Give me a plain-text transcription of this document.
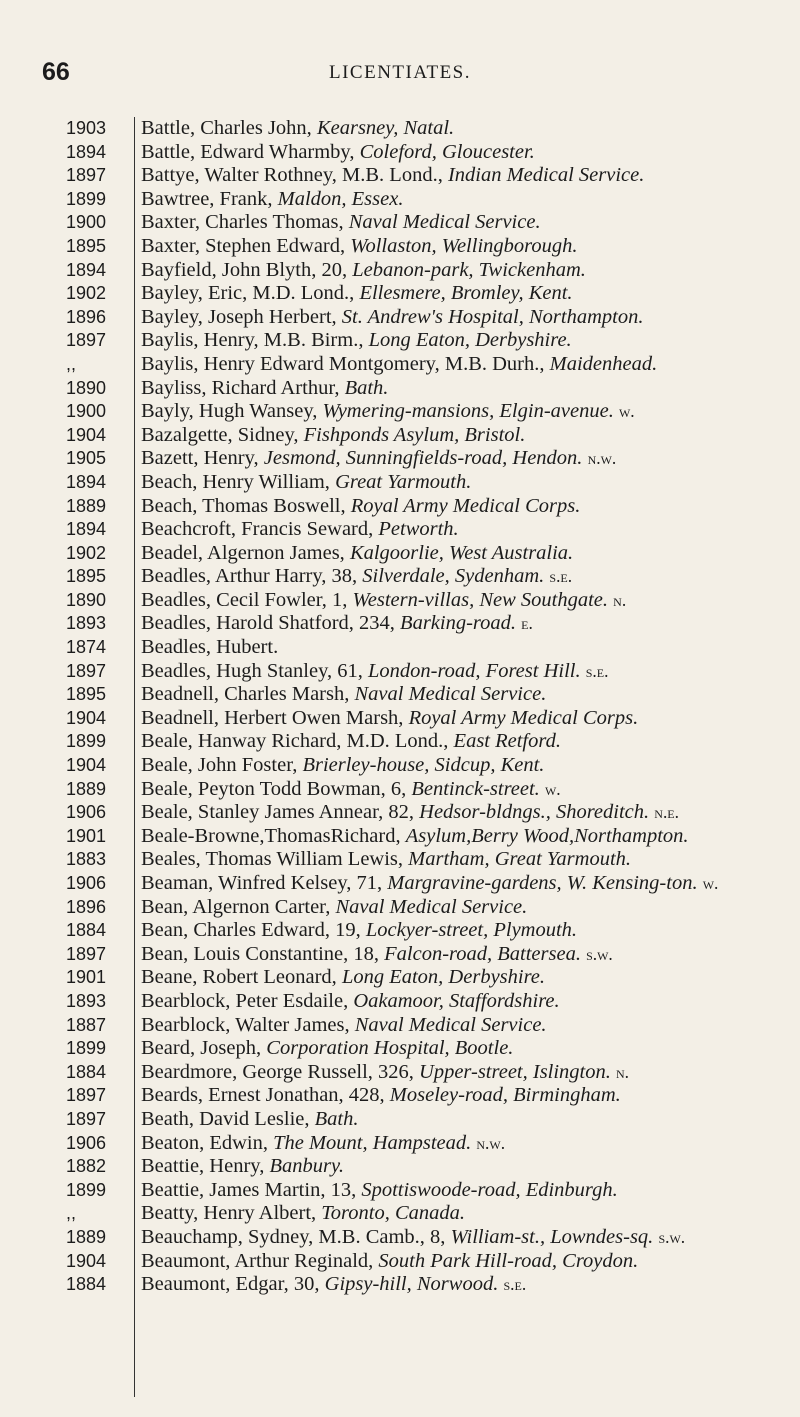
66	LICENTIATES.
1903	Battle, Charles John, Kearsney, Natal.
1894	Battle, Edward Wharmby, Coleford, Gloucester.
1897	Battye, Walter Rothney, M.B. Lond., Indian Medical Service.
1899	Bawtree, Frank, Maldon, Essex.
1900	Baxter, Charles Thomas, Naval Medical Service.
1895	Baxter, Stephen Edward, Wollaston, Wellingborough.
1894	Bayfield, John Blyth, 20, Lebanon-park, Twickenham.
1902	Bayley, Eric, M.D. Lond., Ellesmere, Bromley, Kent.
1896	Bayley, Joseph Herbert, St. Andrew's Hospital, Northampton.
1897	Baylis, Henry, M.B. Birm., Long Eaton, Derbyshire.
,,	Baylis, Henry Edward Montgomery, M.B. Durh., Maidenhead.
1890	Bayliss, Richard Arthur, Bath.
1900	Bayly, Hugh Wansey, Wymering-mansions, Elgin-avenue. w.
1904	Bazalgette, Sidney, Fishponds Asylum, Bristol.
1905	Bazett, Henry, Jesmond, Sunningfields-road, Hendon. n.w.
1894	Beach, Henry William, Great Yarmouth.
1889	Beach, Thomas Boswell, Royal Army Medical Corps.
1894	Beachcroft, Francis Seward, Petworth.
1902	Beadel, Algernon James, Kalgoorlie, West Australia.
1895	Beadles, Arthur Harry, 38, Silverdale, Sydenham. s.e.
1890	Beadles, Cecil Fowler, 1, Western-villas, New Southgate. n.
1893	Beadles, Harold Shatford, 234, Barking-road. e.
1874	Beadles, Hubert.
1897	Beadles, Hugh Stanley, 61, London-road, Forest Hill. s.e.
1895	Beadnell, Charles Marsh, Naval Medical Service.
1904	Beadnell, Herbert Owen Marsh, Royal Army Medical Corps.
1899	Beale, Hanway Richard, M.D. Lond., East Retford.
1904	Beale, John Foster, Brierley-house, Sidcup, Kent.
1889	Beale, Peyton Todd Bowman, 6, Bentinck-street. w.
1906	Beale, Stanley James Annear, 82, Hedsor-bldngs., Shoreditch. n.e.
1901	Beale-Browne,ThomasRichard, Asylum,Berry Wood,Northampton.
1883	Beales, Thomas William Lewis, Martham, Great Yarmouth.
1906	Beaman, Winfred Kelsey, 71, Margravine-gardens, W. Kensing-ton. w.
1896	Bean, Algernon Carter, Naval Medical Service.
1884	Bean, Charles Edward, 19, Lockyer-street, Plymouth.
1897	Bean, Louis Constantine, 18, Falcon-road, Battersea. s.w.
1901	Beane, Robert Leonard, Long Eaton, Derbyshire.
1893	Bearblock, Peter Esdaile, Oakamoor, Staffordshire.
1887	Bearblock, Walter James, Naval Medical Service.
1899	Beard, Joseph, Corporation Hospital, Bootle.
1884	Beardmore, George Russell, 326, Upper-street, Islington. n.
1897	Beards, Ernest Jonathan, 428, Moseley-road, Birmingham.
1897	Beath, David Leslie, Bath.
1906	Beaton, Edwin, The Mount, Hampstead. n.w.
1882	Beattie, Henry, Banbury.
1899	Beattie, James Martin, 13, Spottiswoode-road, Edinburgh.
,,	Beatty, Henry Albert, Toronto, Canada.
1889	Beauchamp, Sydney, M.B. Camb., 8, William-st., Lowndes-sq. s.w.
1904	Beaumont, Arthur Reginald, South Park Hill-road, Croydon.
1884	Beaumont, Edgar, 30, Gipsy-hill, Norwood. s.e.
